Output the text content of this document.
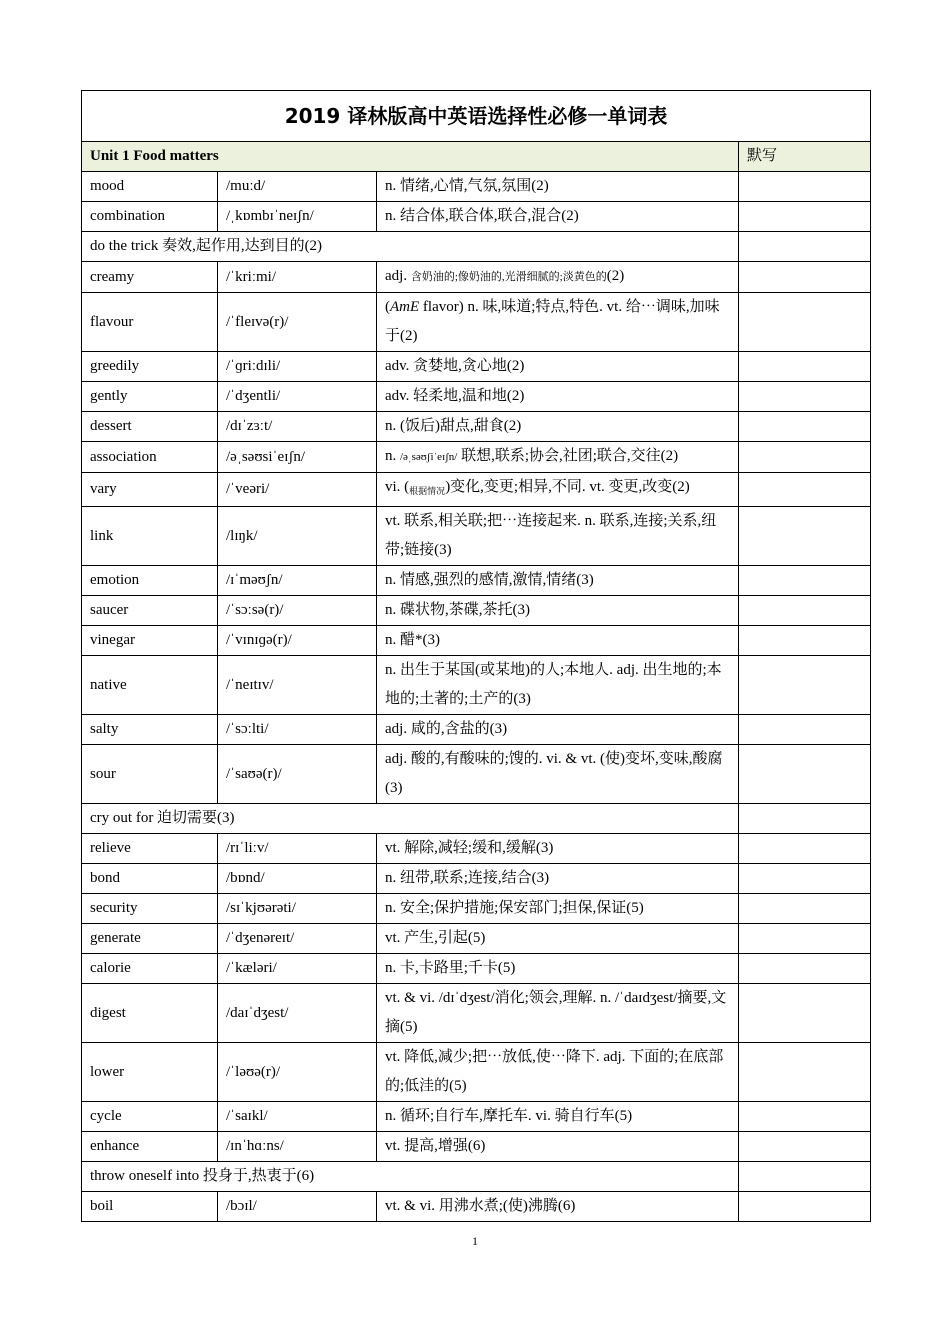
2019 译林版高中英语选择性必修一单词表			
Unit 1 Food matters			默写
mood	/muːd/	n. 情绪,心情,气氛,氛围(2)	
combination	/ˌkɒmbɪˈneɪʃn/	n. 结合体,联合体,联合,混合(2)	
do the trick 奏效,起作用,达到目的(2)			
creamy	/ˈkriːmi/	adj. 含奶油的;像奶油的,光滑细腻的;淡黄色的(2)	
flavour	/ˈfleɪvə(r)/	(AmE flavor) n. 味,味道;特点,特色. vt. 给⋯调味,加味于(2)	
greedily	/ˈɡriːdɪli/	adv. 贪婪地,贪心地(2)	
gently	/ˈdʒentli/	adv. 轻柔地,温和地(2)	
dessert	/dɪˈzɜːt/	n. (饭后)甜点,甜食(2)	
association	/əˌsəʊsiˈeɪʃn/	n. /əˌsəʊʃiˈeɪʃn/ 联想,联系;协会,社团;联合,交往(2)	
vary	/ˈveəri/	vi. $(_{根据情况})$变化,变更;相异,不同. vt. 变更,改变(2)	
link	/lɪŋk/	vt. 联系,相关联;把⋯连接起来. n. 联系,连接;关系,纽带;链接(3)	
emotion	/ɪˈməʊʃn/	n. 情感,强烈的感情,激情,情绪(3)	
saucer	/ˈsɔːsə(r)/	n. 碟状物,茶碟,茶托(3)	
vinegar	/ˈvɪnɪɡə(r)/	n. 醋*(3)	
native	/ˈneɪtɪv/	n. 出生于某国(或某地)的人;本地人. adj. 出生地的;本地的;土著的;土产的(3)	
salty	/ˈsɔːlti/	adj. 咸的,含盐的(3)	
sour	/ˈsaʊə(r)/	adj. 酸的,有酸味的;馊的. vi. & vt. (使)变坏,变味,酸腐(3)	
cry out for 迫切需要(3)			
relieve	/rɪˈliːv/	vt. 解除,减轻;缓和,缓解(3)	
bond	/bɒnd/	n. 纽带,联系;连接,结合(3)	
security	/sɪˈkjʊərəti/	n. 安全;保护措施;保安部门;担保,保证(5)	
generate	/ˈdʒenəreɪt/	vt. 产生,引起(5)	
calorie	/ˈkæləri/	n. 卡,卡路里;千卡(5)	
digest	/daɪˈdʒest/	vt. & vi. /dɪˈdʒest/消化;领会,理解. n. /ˈdaɪdʒest/摘要,文摘(5)	
lower	/ˈləʊə(r)/	vt. 降低,减少;把⋯放低,使⋯降下. adj. 下面的;在底部的;低洼的(5)	
cycle	/ˈsaɪkl/	n. 循环;自行车,摩托车. vi. 骑自行车(5)	
enhance	/ɪnˈhɑːns/	vt. 提高,增强(6)	
throw oneself into 投身于,热衷于(6)			
boil	/bɔɪl/	vt. & vi. 用沸水煮;(使)沸腾(6)	
1
